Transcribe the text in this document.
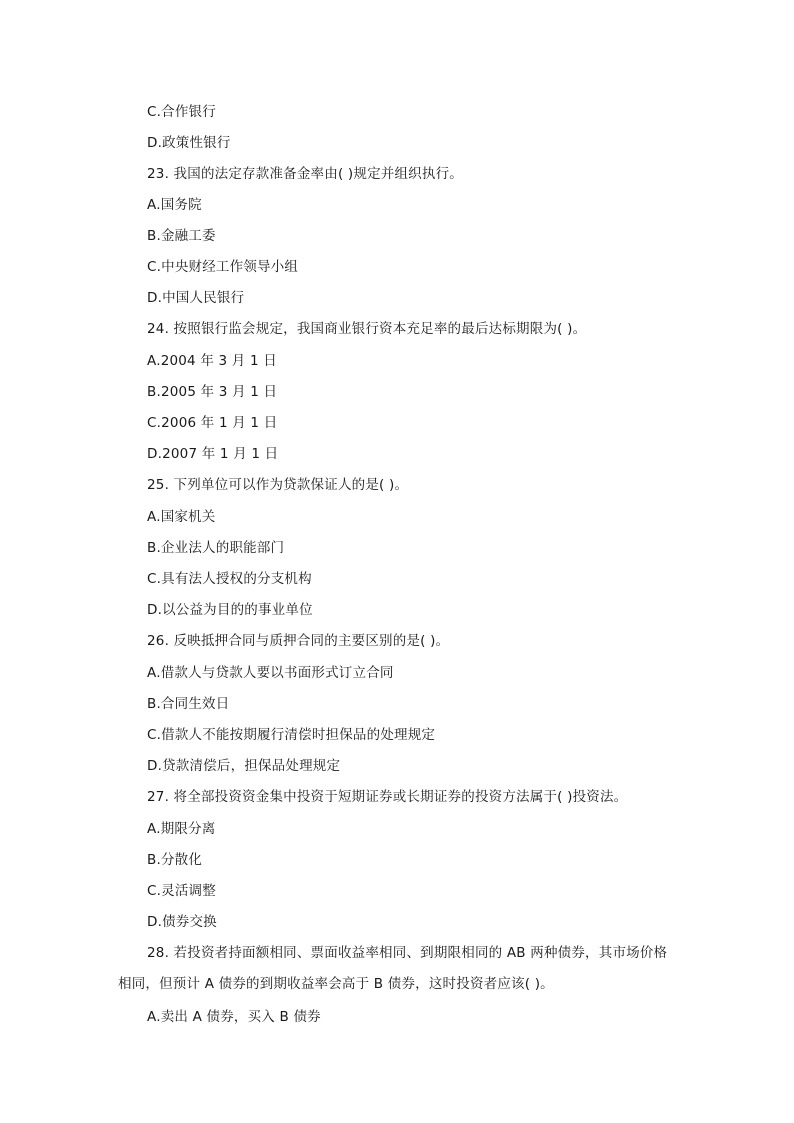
C.合作银行
D.政策性银行
23. 我国的法定存款准备金率由( )规定并组织执行。
A.国务院
B.金融工委
C.中央财经工作领导小组
D.中国人民银行
24. 按照银行监会规定，我国商业银行资本充足率的最后达标期限为( )。
A.2004 年 3 月 1 日
B.2005 年 3 月 1 日
C.2006 年 1 月 1 日
D.2007 年 1 月 1 日
25. 下列单位可以作为贷款保证人的是( )。
A.国家机关
B.企业法人的职能部门
C.具有法人授权的分支机构
D.以公益为目的的事业单位
26. 反映抵押合同与质押合同的主要区别的是( )。
A.借款人与贷款人要以书面形式订立合同
B.合同生效日
C.借款人不能按期履行清偿时担保品的处理规定
D.贷款清偿后，担保品处理规定
27. 将全部投资资金集中投资于短期证券或长期证券的投资方法属于( )投资法。
A.期限分离
B.分散化
C.灵活调整
D.债券交换
28. 若投资者持面额相同、票面收益率相同、到期限相同的 AB 两种债券，其市场价格
相同，但预计 A 债券的到期收益率会高于 B 债券，这时投资者应该( )。
A.卖出 A 债券，买入 B 债券
